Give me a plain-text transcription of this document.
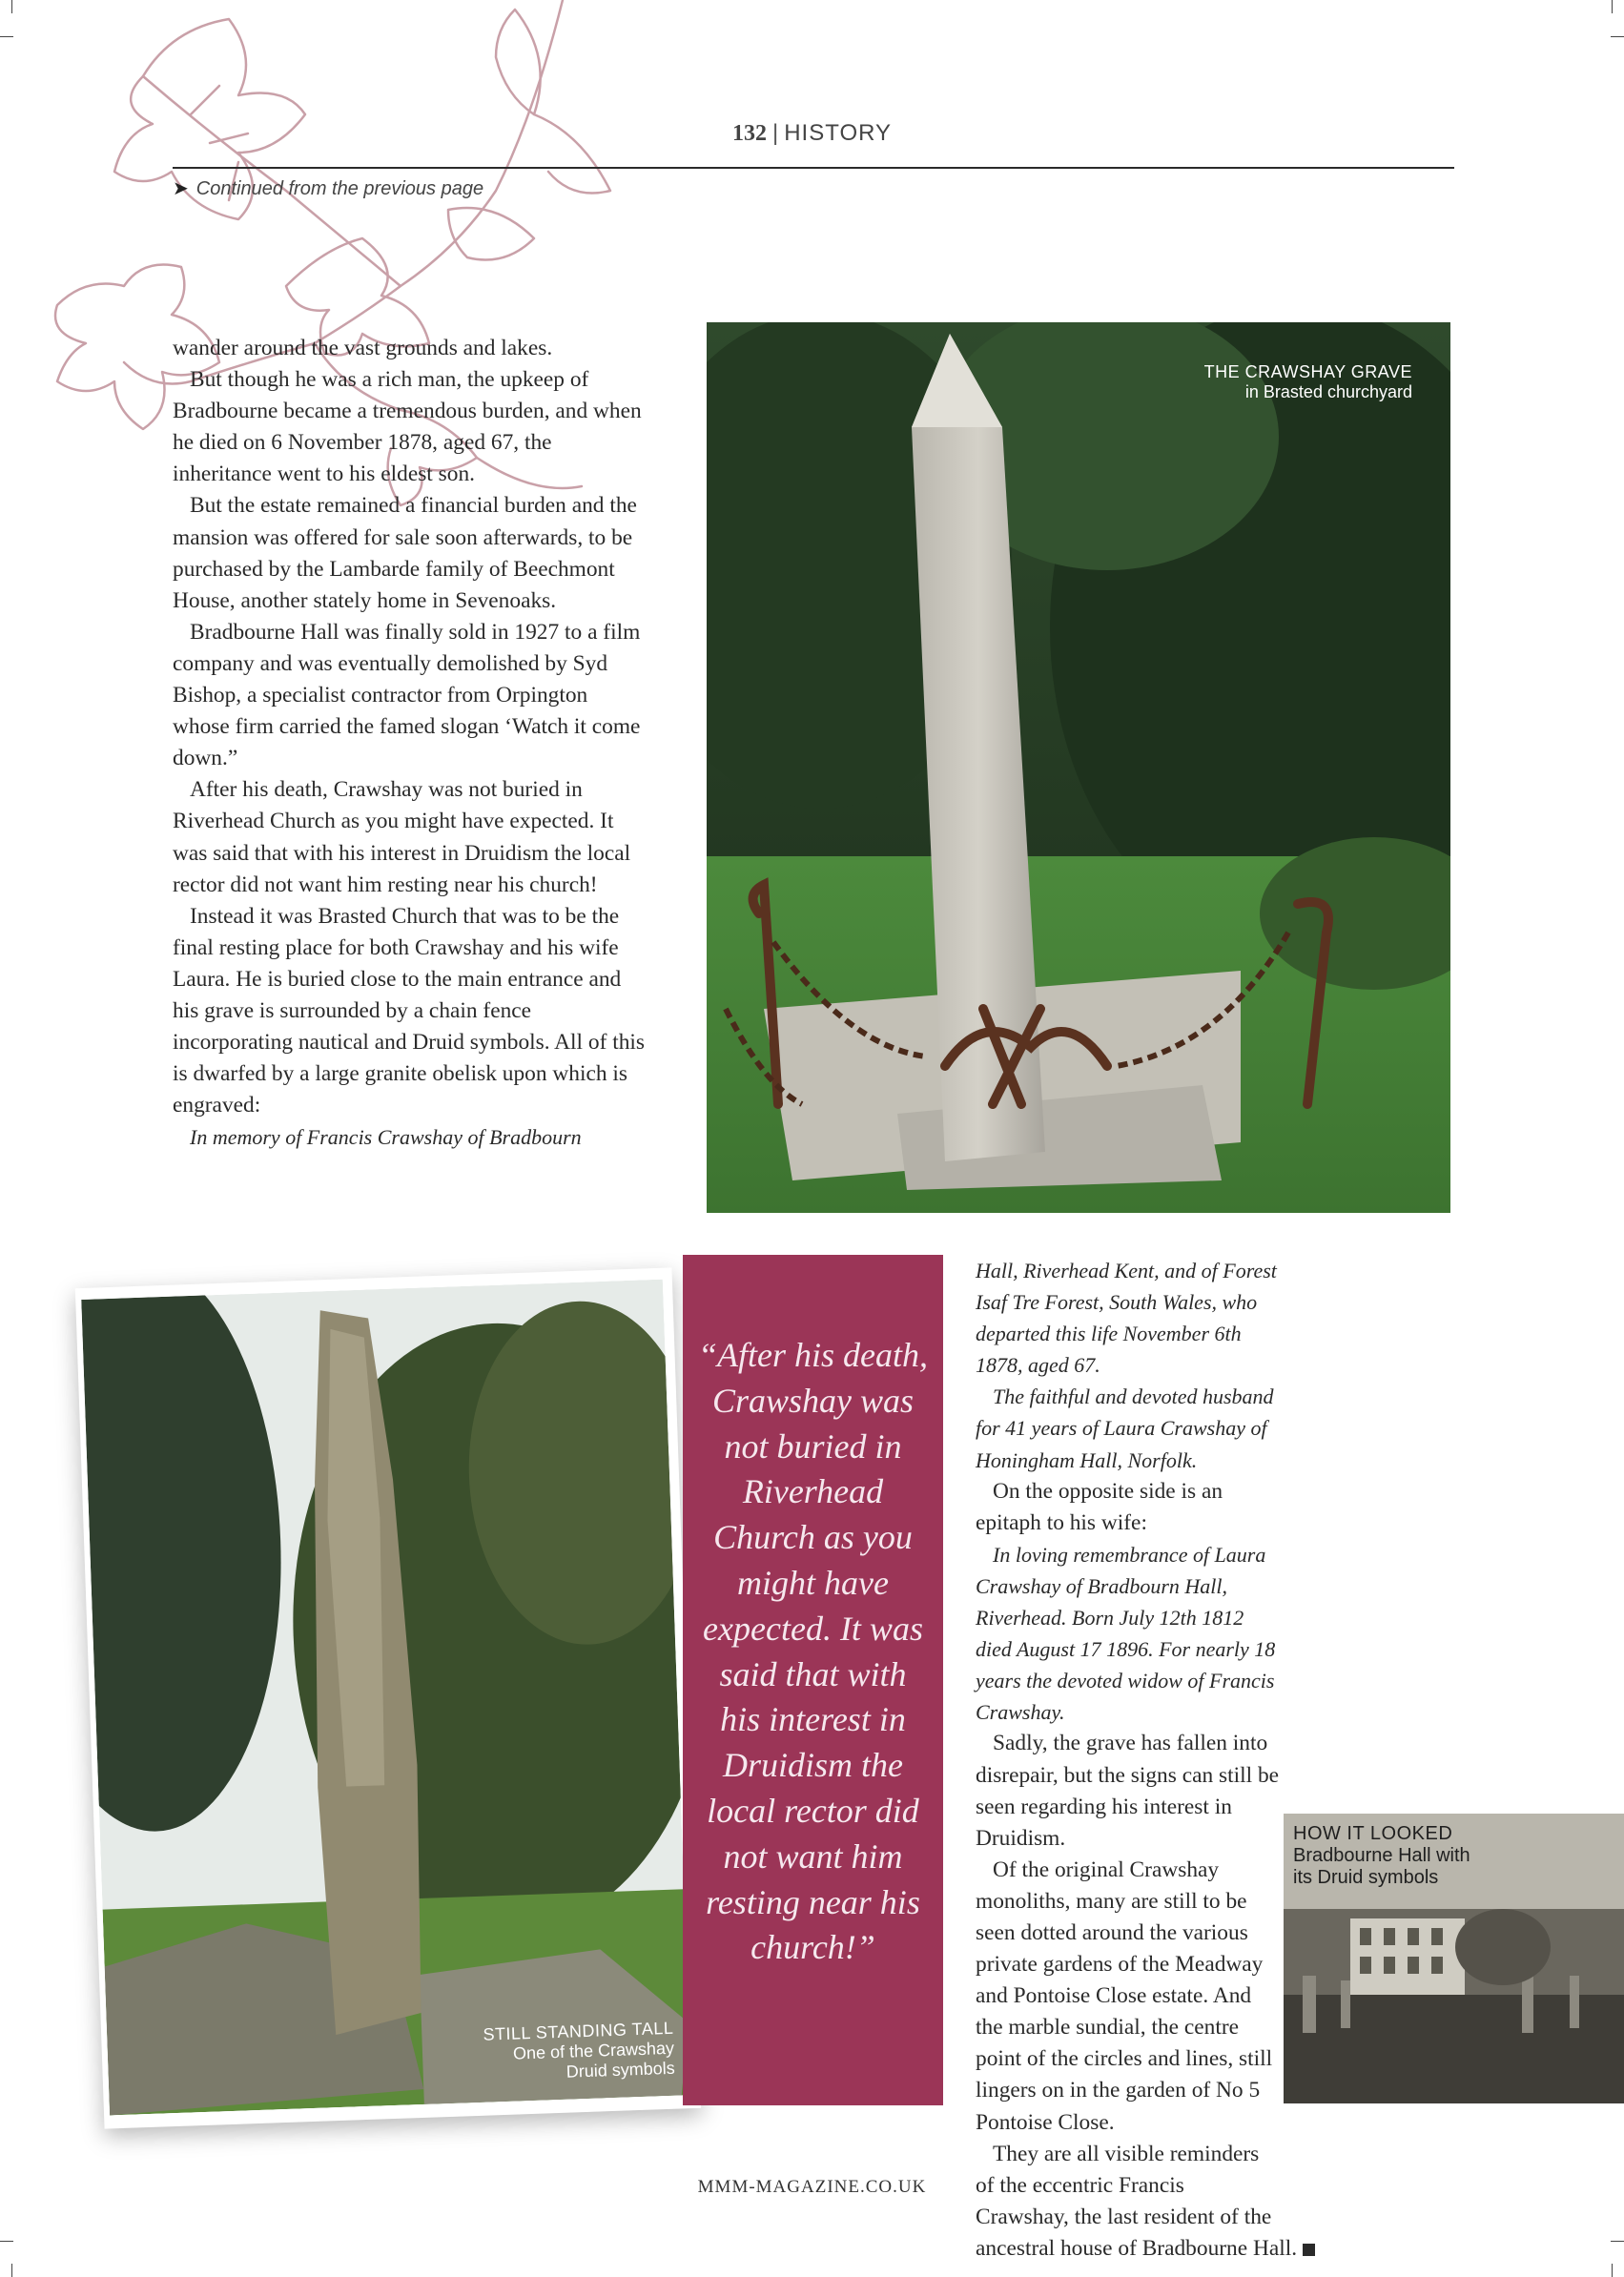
132 | HISTORY
➤ Continued from the previous page

wander around the vast grounds and lakes.

But though he was a rich man, the upkeep of Bradbourne became a tremendous burden, and when he died on 6 November 1878, aged 67, the inheritance went to his eldest son.

But the estate remained a financial burden and the mansion was offered for sale soon afterwards, to be purchased by the Lambarde family of Beechmont House, another stately home in Sevenoaks.

Bradbourne Hall was finally sold in 1927 to a film company and was eventually demolished by Syd Bishop, a specialist contractor from Orpington whose firm carried the famed slogan ‘Watch it come down.”

After his death, Crawshay was not buried in Riverhead Church as you might have expected. It was said that with his interest in Druidism the local rector did not want him resting near his church!

Instead it was Brasted Church that was to be the final resting place for both Crawshay and his wife Laura. He is buried close to the main entrance and his grave is surrounded by a chain fence incorporating nautical and Druid symbols. All of this is dwarfed by a large granite obelisk upon which is engraved:

In memory of Francis Crawshay of Bradbourn

THE CRAWSHAY GRAVE
in Brasted churchyard
STILL STANDING TALL
One of the Crawshay
Druid symbols
“After his death, Crawshay was not buried in Riverhead Church as you might have expected. It was said that with his interest in Druidism the local rector did not want him resting near his church!”

Hall, Riverhead Kent, and of Forest Isaf Tre Forest, South Wales, who departed this life November 6th 1878, aged 67.

The faithful and devoted husband for 41 years of Laura Crawshay of Honingham Hall, Norfolk.

On the opposite side is an epitaph to his wife:

In loving remembrance of Laura Crawshay of Bradbourn Hall, Riverhead. Born July 12th 1812 died August 17 1896. For nearly 18 years the devoted widow of Francis Crawshay.

Sadly, the grave has fallen into disrepair, but the signs can still be seen regarding his interest in Druidism.

Of the original Crawshay monoliths, many are still to be seen dotted around the various private gardens of the Meadway and Pontoise Close estate. And the marble sundial, the centre point of the circles and lines, still lingers on in the garden of No 5 Pontoise Close.

They are all visible reminders of the eccentric Francis Crawshay, the last resident of the ancestral house of Bradbourne Hall.

HOW IT LOOKED
Bradbourne Hall with
its Druid symbols
MMM-MAGAZINE.CO.UK
